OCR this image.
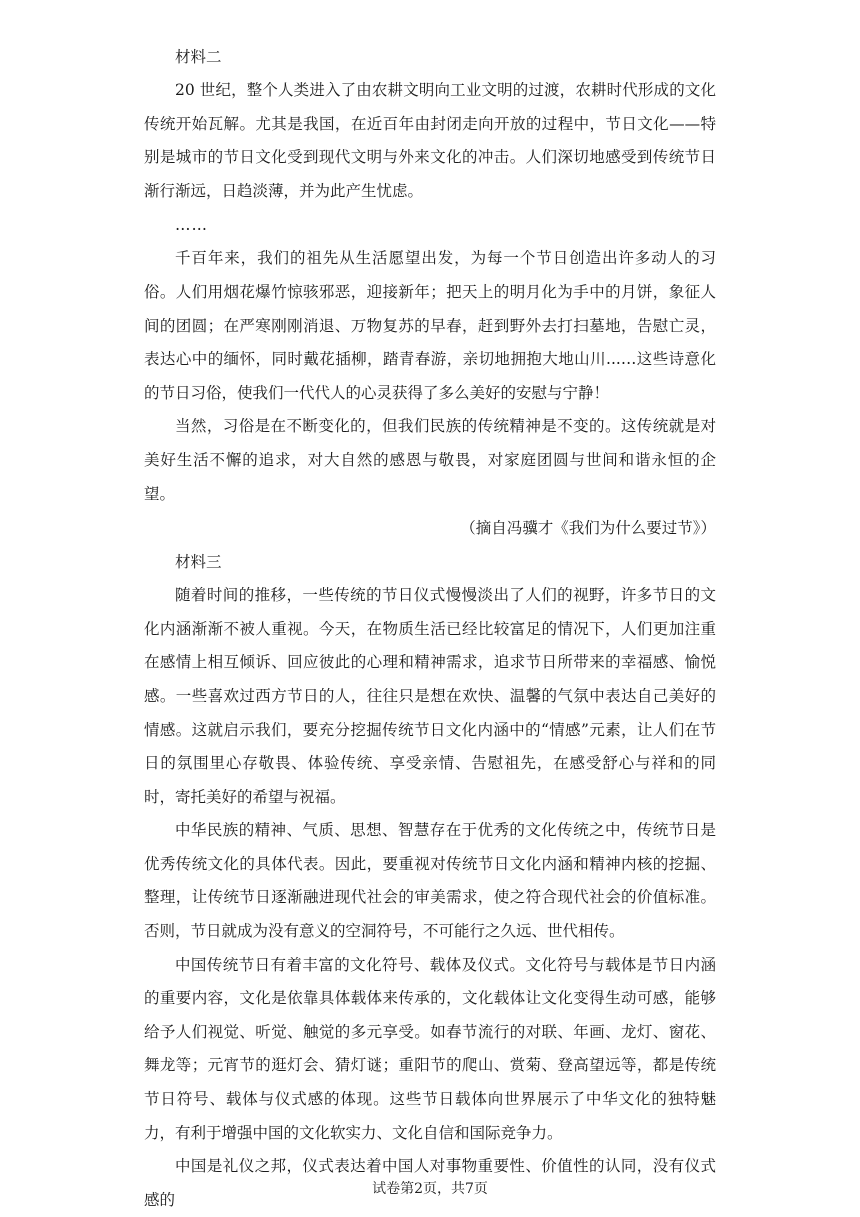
材料二

20 世纪，整个人类进入了由农耕文明向工业文明的过渡，农耕时代形成的文化传统开始瓦解。尤其是我国，在近百年由封闭走向开放的过程中，节日文化——特别是城市的节日文化受到现代文明与外来文化的冲击。人们深切地感受到传统节日渐行渐远，日趋淡薄，并为此产生忧虑。

……

千百年来，我们的祖先从生活愿望出发，为每一个节日创造出许多动人的习俗。人们用烟花爆竹惊骇邪恶，迎接新年；把天上的明月化为手中的月饼，象征人间的团圆；在严寒刚刚消退、万物复苏的早春，赶到野外去打扫墓地，告慰亡灵，表达心中的缅怀，同时戴花插柳，踏青春游，亲切地拥抱大地山川...…这些诗意化的节日习俗，使我们一代代人的心灵获得了多么美好的安慰与宁静！

当然，习俗是在不断变化的，但我们民族的传统精神是不变的。这传统就是对美好生活不懈的追求，对大自然的感恩与敬畏，对家庭团圆与世间和谐永恒的企望。

（摘自冯骥才《我们为什么要过节》）

材料三

随着时间的推移，一些传统的节日仪式慢慢淡出了人们的视野，许多节日的文化内涵渐渐不被人重视。今天，在物质生活已经比较富足的情况下，人们更加注重在感情上相互倾诉、回应彼此的心理和精神需求，追求节日所带来的幸福感、愉悦感。一些喜欢过西方节日的人，往往只是想在欢快、温馨的气氛中表达自己美好的情感。这就启示我们，要充分挖掘传统节日文化内涵中的“情感”元素，让人们在节日的氛围里心存敬畏、体验传统、享受亲情、告慰祖先，在感受舒心与祥和的同时，寄托美好的希望与祝福。

中华民族的精神、气质、思想、智慧存在于优秀的文化传统之中，传统节日是优秀传统文化的具体代表。因此，要重视对传统节日文化内涵和精神内核的挖掘、整理，让传统节日逐渐融进现代社会的审美需求，使之符合现代社会的价值标准。否则，节日就成为没有意义的空洞符号，不可能行之久远、世代相传。

中国传统节日有着丰富的文化符号、载体及仪式。文化符号与载体是节日内涵的重要内容，文化是依靠具体载体来传承的，文化载体让文化变得生动可感，能够给予人们视觉、听觉、触觉的多元享受。如春节流行的对联、年画、龙灯、窗花、舞龙等；元宵节的逛灯会、猜灯谜；重阳节的爬山、赏菊、登高望远等，都是传统节日符号、载体与仪式感的体现。这些节日载体向世界展示了中华文化的独特魅力，有利于增强中国的文化软实力、文化自信和国际竞争力。

中国是礼仪之邦，仪式表达着中国人对事物重要性、价值性的认同，没有仪式感的

试卷第2页，共7页
